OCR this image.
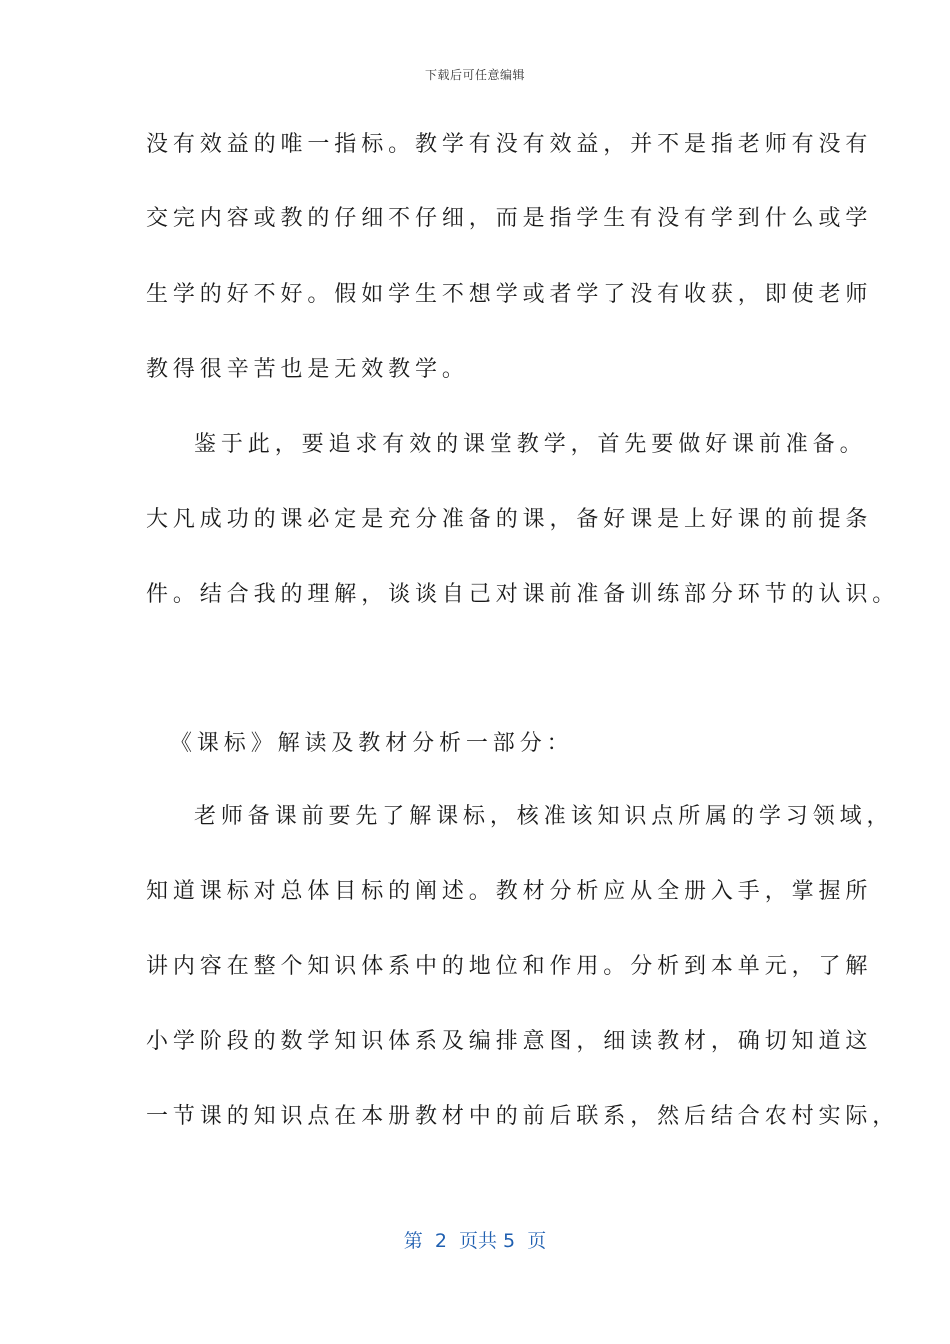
下载后可任意编辑
没有效益的唯一指标。教学有没有效益，并不是指老师有没有
交完内容或教的仔细不仔细，而是指学生有没有学到什么或学
生学的好不好。假如学生不想学或者学了没有收获，即使老师
教得很辛苦也是无效教学。
鉴于此，要追求有效的课堂教学，首先要做好课前准备。
大凡成功的课必定是充分准备的课，备好课是上好课的前提条
件。结合我的理解，谈谈自己对课前准备训练部分环节的认识。
《课标》解读及教材分析一部分：
老师备课前要先了解课标，核准该知识点所属的学习领域，
知道课标对总体目标的阐述。教材分析应从全册入手，掌握所
讲内容在整个知识体系中的地位和作用。分析到本单元，了解
小学阶段的数学知识体系及编排意图，细读教材，确切知道这
一节课的知识点在本册教材中的前后联系，然后结合农村实际，
第  2  页共 5  页
